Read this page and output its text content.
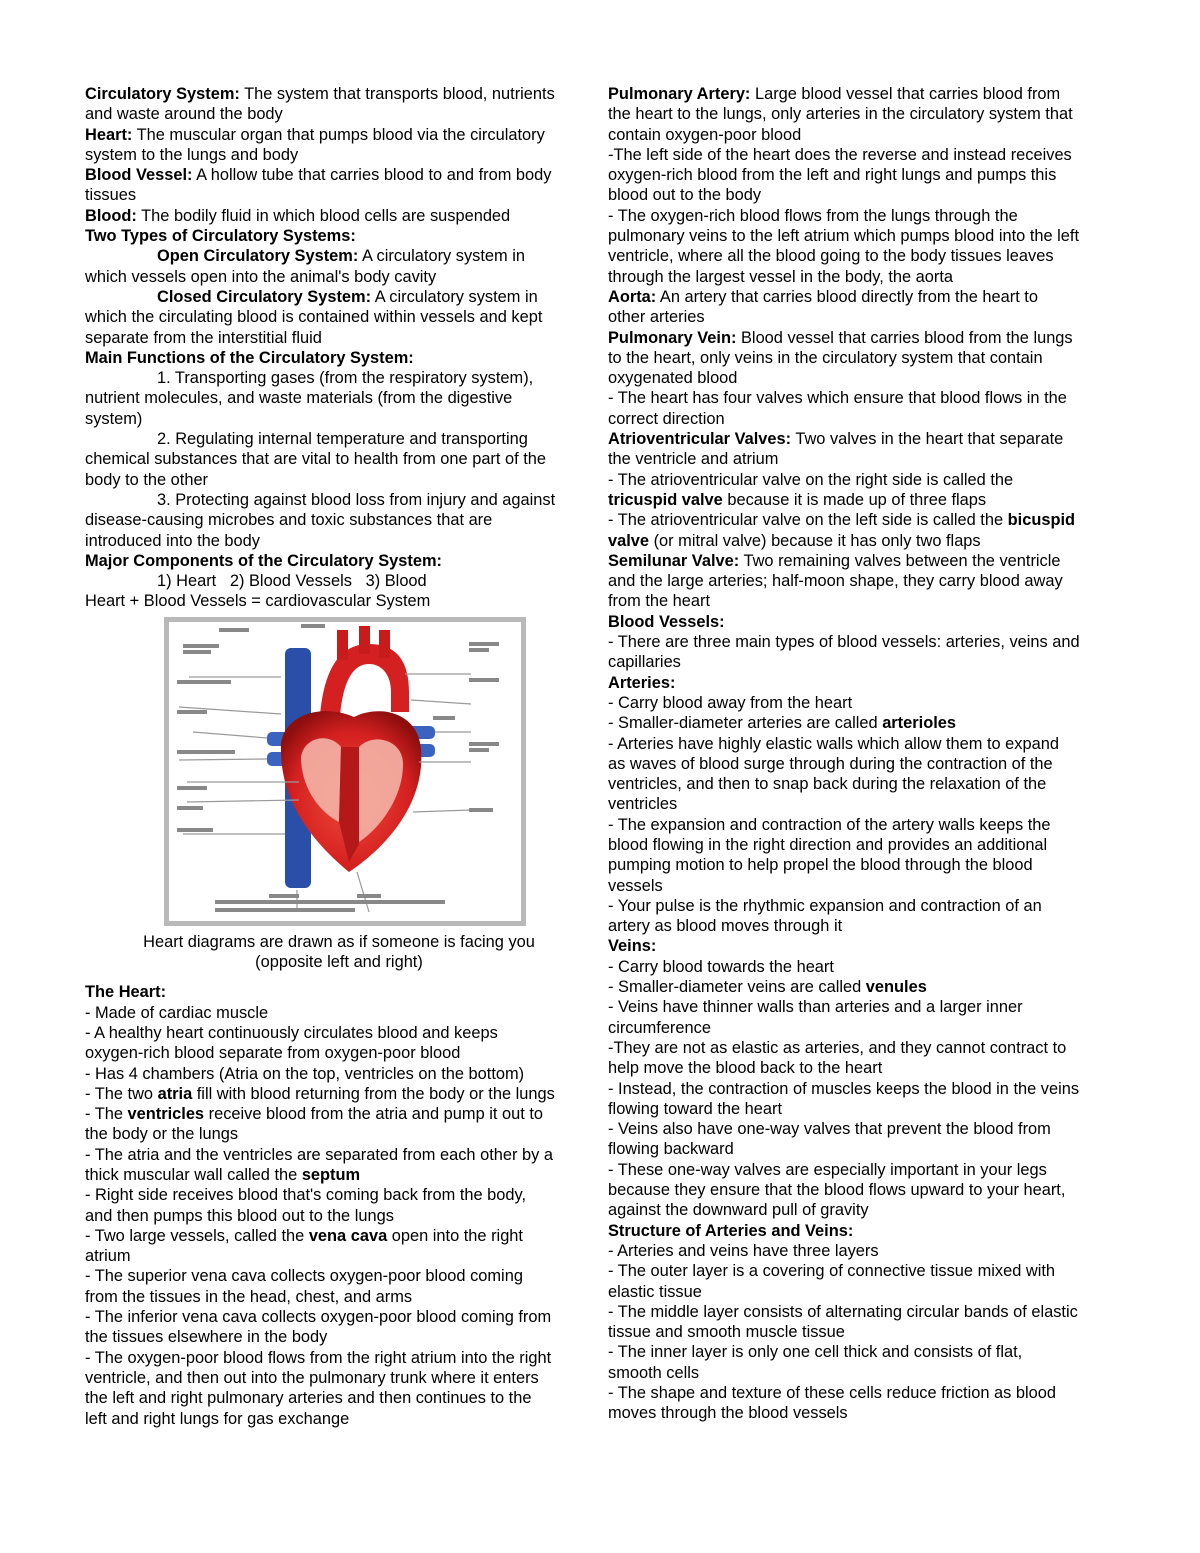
Circulatory System: The system that transports blood, nutrients
and waste around the body
Heart: The muscular organ that pumps blood via the circulatory
system to the lungs and body
Blood Vessel: A hollow tube that carries blood to and from body
tissues
Blood: The bodily fluid in which blood cells are suspended
Two Types of Circulatory Systems:
Open Circulatory System: A circulatory system in
which vessels open into the animal's body cavity
Closed Circulatory System: A circulatory system in
which the circulating blood is contained within vessels and kept
separate from the interstitial fluid
Main Functions of the Circulatory System:
1. Transporting gases (from the respiratory system),
nutrient molecules, and waste materials (from the digestive
system)
2. Regulating internal temperature and transporting
chemical substances that are vital to health from one part of the
body to the other
3. Protecting against blood loss from injury and against
disease-causing microbes and toxic substances that are
introduced into the body
Major Components of the Circulatory System:
1) Heart   2) Blood Vessels   3) Blood
Heart + Blood Vessels = cardiovascular System
Heart diagrams are drawn as if someone is facing you
(opposite left and right)
The Heart:
- Made of cardiac muscle
- A healthy heart continuously circulates blood and keeps
oxygen-rich blood separate from oxygen-poor blood
- Has 4 chambers (Atria on the top, ventricles on the bottom)
- The two atria fill with blood returning from the body or the lungs
- The ventricles receive blood from the atria and pump it out to
the body or the lungs
- The atria and the ventricles are separated from each other by a
thick muscular wall called the septum
- Right side receives blood that's coming back from the body,
and then pumps this blood out to the lungs
- Two large vessels, called the vena cava open into the right
atrium
- The superior vena cava collects oxygen-poor blood coming
from the tissues in the head, chest, and arms
- The inferior vena cava collects oxygen-poor blood coming from
the tissues elsewhere in the body
- The oxygen-poor blood flows from the right atrium into the right
ventricle, and then out into the pulmonary trunk where it enters
the left and right pulmonary arteries and then continues to the
left and right lungs for gas exchange
Pulmonary Artery: Large blood vessel that carries blood from
the heart to the lungs, only arteries in the circulatory system that
contain oxygen-poor blood
-The left side of the heart does the reverse and instead receives
oxygen-rich blood from the left and right lungs and pumps this
blood out to the body
- The oxygen-rich blood flows from the lungs through the
pulmonary veins to the left atrium which pumps blood into the left
ventricle, where all the blood going to the body tissues leaves
through the largest vessel in the body, the aorta
Aorta: An artery that carries blood directly from the heart to
other arteries
Pulmonary Vein: Blood vessel that carries blood from the lungs
to the heart, only veins in the circulatory system that contain
oxygenated blood
- The heart has four valves which ensure that blood flows in the
correct direction
Atrioventricular Valves: Two valves in the heart that separate
the ventricle and atrium
- The atrioventricular valve on the right side is called the
tricuspid valve because it is made up of three flaps
- The atrioventricular valve on the left side is called the bicuspid
valve (or mitral valve) because it has only two flaps
Semilunar Valve: Two remaining valves between the ventricle
and the large arteries; half-moon shape, they carry blood away
from the heart
Blood Vessels:
- There are three main types of blood vessels: arteries, veins and
capillaries
Arteries:
- Carry blood away from the heart
- Smaller-diameter arteries are called arterioles
- Arteries have highly elastic walls which allow them to expand
as waves of blood surge through during the contraction of the
ventricles, and then to snap back during the relaxation of the
ventricles
- The expansion and contraction of the artery walls keeps the
blood flowing in the right direction and provides an additional
pumping motion to help propel the blood through the blood
vessels
- Your pulse is the rhythmic expansion and contraction of an
artery as blood moves through it
Veins:
- Carry blood towards the heart
- Smaller-diameter veins are called venules
- Veins have thinner walls than arteries and a larger inner
circumference
-They are not as elastic as arteries, and they cannot contract to
help move the blood back to the heart
- Instead, the contraction of muscles keeps the blood in the veins
flowing toward the heart
- Veins also have one-way valves that prevent the blood from
flowing backward
- These one-way valves are especially important in your legs
because they ensure that the blood flows upward to your heart,
against the downward pull of gravity
Structure of Arteries and Veins:
- Arteries and veins have three layers
- The outer layer is a covering of connective tissue mixed with
elastic tissue
- The middle layer consists of alternating circular bands of elastic
tissue and smooth muscle tissue
- The inner layer is only one cell thick and consists of flat,
smooth cells
- The shape and texture of these cells reduce friction as blood
moves through the blood vessels
